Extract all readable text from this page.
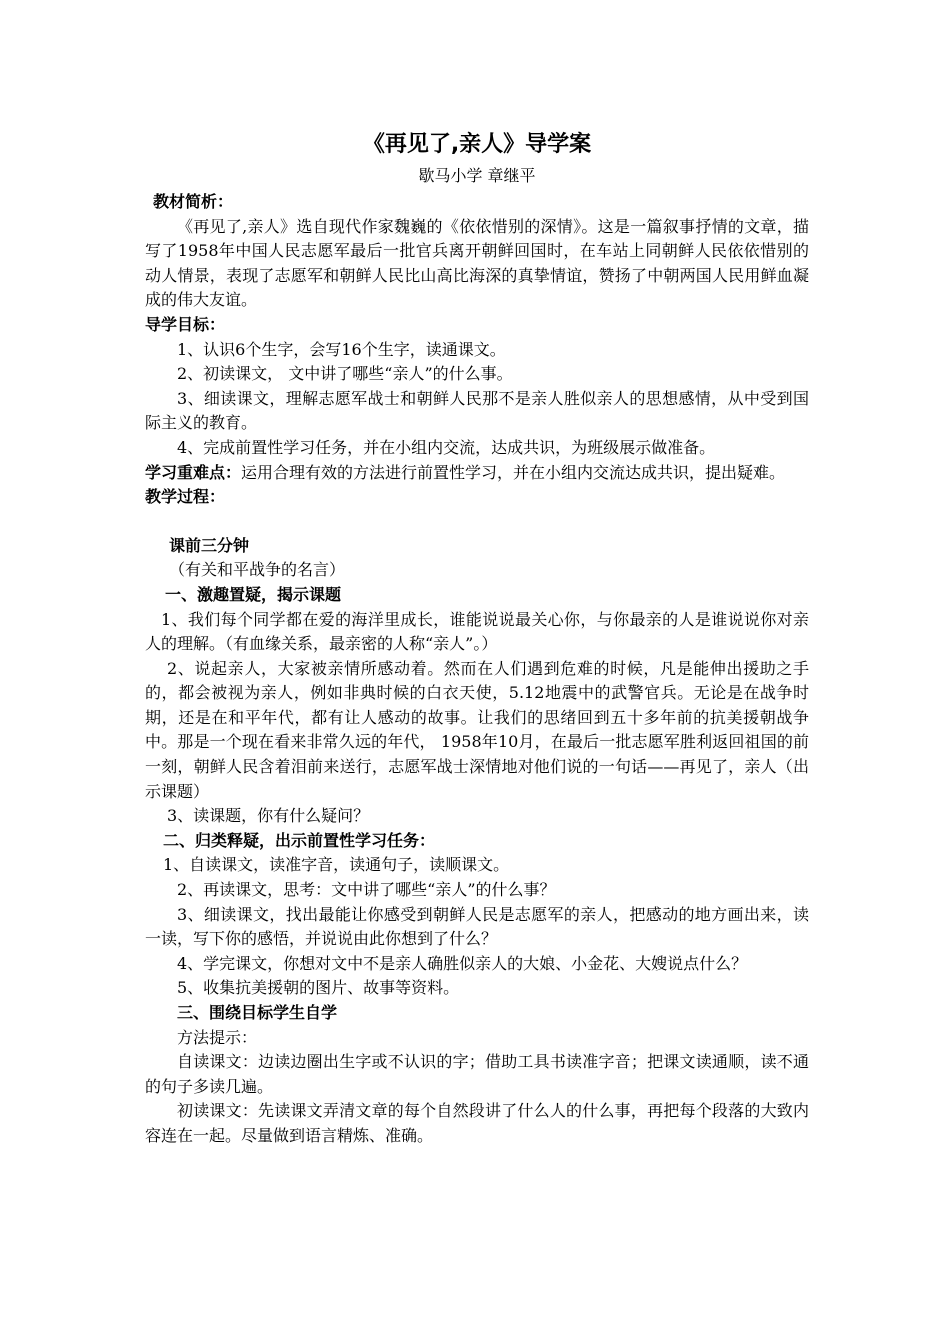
《再见了,亲人》导学案
歇马小学 章继平

教材简析：

《再见了,亲人》选自现代作家魏巍的《依依惜别的深情》。这是一篇叙事抒情的文章，描写了1958年中国人民志愿军最后一批官兵离开朝鲜回国时，在车站上同朝鲜人民依依惜别的动人情景，表现了志愿军和朝鲜人民比山高比海深的真挚情谊，赞扬了中朝两国人民用鲜血凝成的伟大友谊。

导学目标：

1、认识6个生字，会写16个生字，读通课文。

2、初读课文， 文中讲了哪些“亲人”的什么事。

3、细读课文，理解志愿军战士和朝鲜人民那不是亲人胜似亲人的思想感情，从中受到国际主义的教育。

4、完成前置性学习任务，并在小组内交流，达成共识，为班级展示做准备。

学习重难点：运用合理有效的方法进行前置性学习，并在小组内交流达成共识，提出疑难。

教学过程：

课前三分钟

（有关和平战争的名言）

一、激趣置疑，揭示课题

1、我们每个同学都在爱的海洋里成长，谁能说说最关心你，与你最亲的人是谁说说你对亲人的理解。（有血缘关系，最亲密的人称“亲人”。）

2、说起亲人，大家被亲情所感动着。然而在人们遇到危难的时候，凡是能伸出援助之手的，都会被视为亲人，例如非典时候的白衣天使，5.12地震中的武警官兵。无论是在战争时期，还是在和平年代，都有让人感动的故事。让我们的思绪回到五十多年前的抗美援朝战争中。那是一个现在看来非常久远的年代， 1958年10月，在最后一批志愿军胜利返回祖国的前一刻，朝鲜人民含着泪前来送行，志愿军战士深情地对他们说的一句话——再见了，亲人（出示课题）

3、读课题，你有什么疑问？

二、归类释疑，出示前置性学习任务：

1、自读课文，读准字音，读通句子，读顺课文。

2、再读课文，思考：文中讲了哪些“亲人”的什么事？

3、细读课文，找出最能让你感受到朝鲜人民是志愿军的亲人，把感动的地方画出来，读一读，写下你的感悟，并说说由此你想到了什么？

4、学完课文，你想对文中不是亲人确胜似亲人的大娘、小金花、大嫂说点什么？

5、收集抗美援朝的图片、故事等资料。

三、围绕目标学生自学

方法提示：

自读课文：边读边圈出生字或不认识的字；借助工具书读准字音；把课文读通顺，读不通的句子多读几遍。

初读课文：先读课文弄清文章的每个自然段讲了什么人的什么事，再把每个段落的大致内容连在一起。尽量做到语言精炼、准确。
